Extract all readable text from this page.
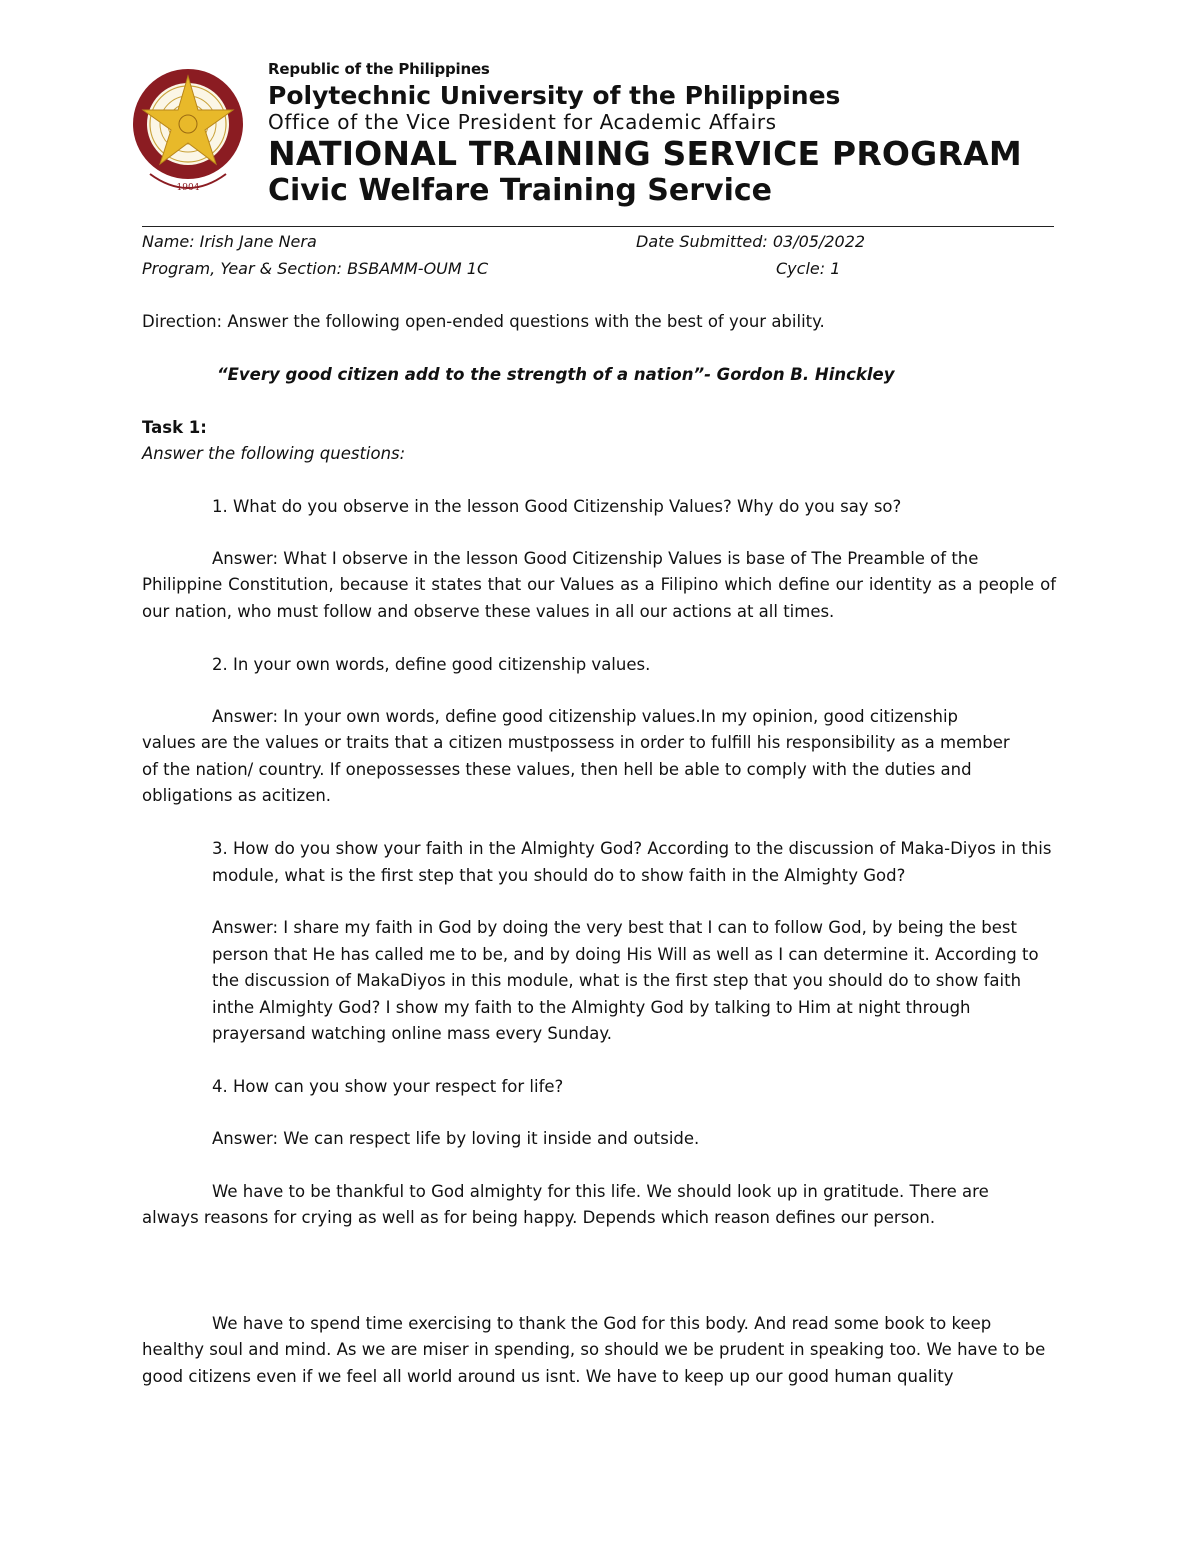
1904
Republic of the Philippines
Polytechnic University of the Philippines
Office of the Vice President for Academic Affairs
NATIONAL TRAINING SERVICE PROGRAM
Civic Welfare Training Service
Name: Irish Jane Nera	Date Submitted: 03/05/2022
Program, Year & Section: BSBAMM-OUM 1C	Cycle: 1
Direction: Answer the following open-ended questions with the best of your ability.
“Every good citizen add to the strength of a nation”- Gordon B. Hinckley
Task 1:
Answer the following questions:
1. What do you observe in the lesson Good Citizenship Values? Why do you say so?
Answer: What I observe in the lesson Good Citizenship Values is base of The Preamble of the
Philippine Constitution, because it states that our Values as a Filipino which define our identity as a people of our nation, who must follow and observe these values in all our actions at all times.
2. In your own words, define good citizenship values.
Answer: In your own words, define good citizenship values.In my opinion, good citizenship
values are the values or traits that a citizen mustpossess in order to fulfill his responsibility as a member of the nation/ country. If onepossesses these values, then hell be able to comply with the duties and obligations as acitizen.
3. How do you show your faith in the Almighty God? According to the discussion of Maka-Diyos in this module, what is the first step that you should do to show faith in the Almighty God?
Answer: I share my faith in God by doing the very best that I can to follow God, by being the best person that He has called me to be, and by doing His Will as well as I can determine it. According to the discussion of MakaDiyos in this module, what is the first step that you should do to show faith inthe Almighty God? I show my faith to the Almighty God by talking to Him at night through prayersand watching online mass every Sunday.
4. How can you show your respect for life?
Answer: We can respect life by loving it inside and outside.
We have to be thankful to God almighty for this life. We should look up in gratitude. There are
always reasons for crying as well as for being happy. Depends which reason defines our person.
We have to spend time exercising to thank the God for this body. And read some book to keep
healthy soul and mind. As we are miser in spending, so should we be prudent in speaking too. We have to be good citizens even if we feel all world around us isnt. We have to keep up our good human quality
